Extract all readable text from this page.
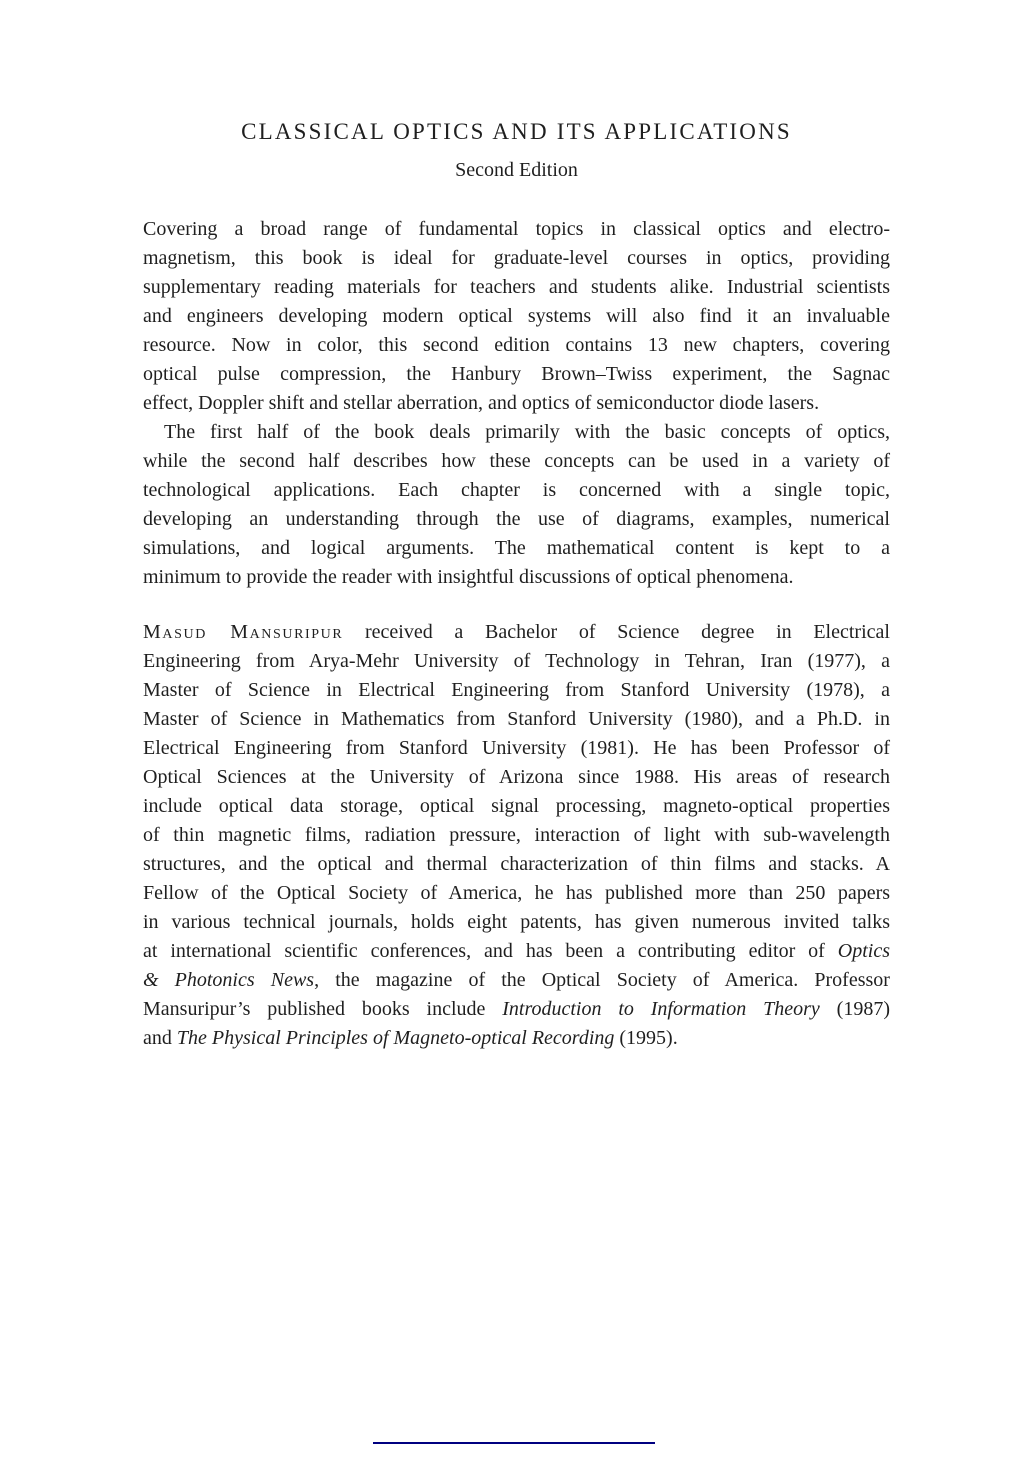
CLASSICAL OPTICS AND ITS APPLICATIONS
Second Edition
Covering a broad range of fundamental topics in classical optics and electro-
magnetism, this book is ideal for graduate-level courses in optics, providing
supplementary reading materials for teachers and students alike. Industrial scientists
and engineers developing modern optical systems will also find it an invaluable
resource. Now in color, this second edition contains 13 new chapters, covering
optical pulse compression, the Hanbury Brown–Twiss experiment, the Sagnac
effect, Doppler shift and stellar aberration, and optics of semiconductor diode lasers.
The first half of the book deals primarily with the basic concepts of optics,
while the second half describes how these concepts can be used in a variety of
technological applications. Each chapter is concerned with a single topic,
developing an understanding through the use of diagrams, examples, numerical
simulations, and logical arguments. The mathematical content is kept to a
minimum to provide the reader with insightful discussions of optical phenomena.
Masud Mansuripur received a Bachelor of Science degree in Electrical
Engineering from Arya-Mehr University of Technology in Tehran, Iran (1977), a
Master of Science in Electrical Engineering from Stanford University (1978), a
Master of Science in Mathematics from Stanford University (1980), and a Ph.D. in
Electrical Engineering from Stanford University (1981). He has been Professor of
Optical Sciences at the University of Arizona since 1988. His areas of research
include optical data storage, optical signal processing, magneto-optical properties
of thin magnetic films, radiation pressure, interaction of light with sub-wavelength
structures, and the optical and thermal characterization of thin films and stacks. A
Fellow of the Optical Society of America, he has published more than 250 papers
in various technical journals, holds eight patents, has given numerous invited talks
at international scientific conferences, and has been a contributing editor of Optics
& Photonics News, the magazine of the Optical Society of America. Professor
Mansuripur’s published books include Introduction to Information Theory (1987)
and The Physical Principles of Magneto-optical Recording (1995).
